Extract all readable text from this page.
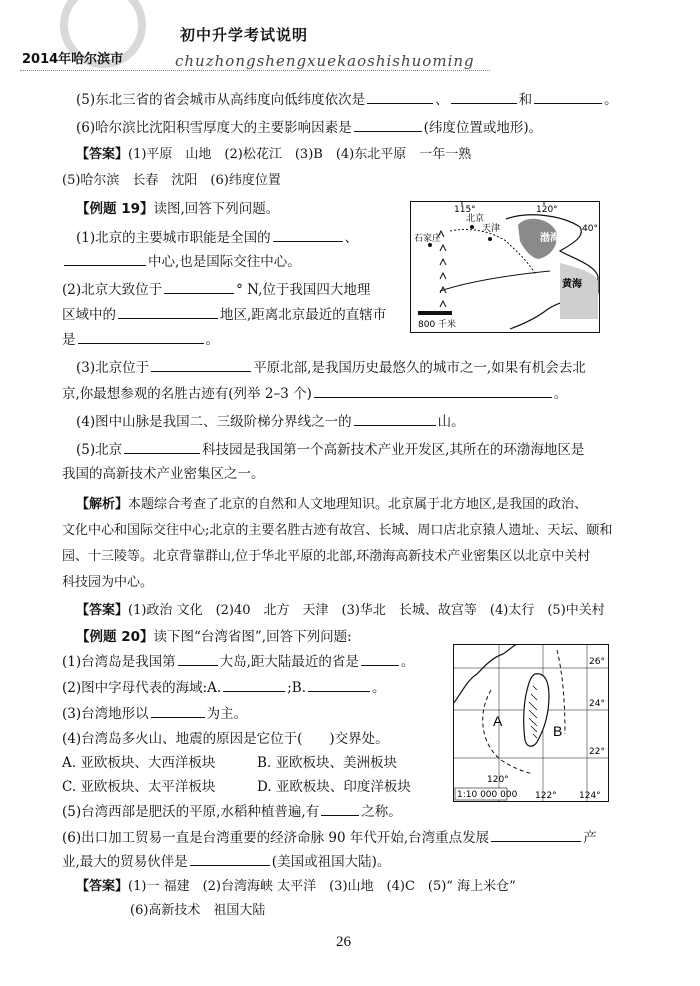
初中升学考试说明
2014年哈尔滨市	chuzhongshengxuekaoshishuoming
(5)东北三省的省会城市从高纬度向低纬度依次是	、	和	。
(6)哈尔滨比沈阳积雪厚度大的主要影响因素是	(纬度位置或地形)。
【答案】(1)平原　山地　(2)松花江　(3)B　(4)东北平原　一年一熟
(5)哈尔滨　长春　沈阳　(6)纬度位置
【例题 19】读图,回答下列问题。
(1)北京的主要城市职能是全国的	、
中心,也是国际交往中心。
(2)北京大致位于	° N,位于我国四大地理
区域中的	地区,距离北京最近的直辖市
是	。
115°	120°
40°
北京
天津
石家庄	渤海
黄海
800 千米
(3)北京位于	平原北部,是我国历史最悠久的城市之一,如果有机会去北
京,你最想参观的名胜古迹有(列举 2–3 个)	。
(4)图中山脉是我国二、三级阶梯分界线之一的	山。
(5)北京	科技园是我国第一个高新技术产业开发区,其所在的环渤海地区是
我国的高新技术产业密集区之一。
【解析】本题综合考查了北京的自然和人文地理知识。北京属于北方地区,是我国的政治、
文化中心和国际交往中心;北京的主要名胜古迹有故宫、长城、周口店北京猿人遗址、天坛、颐和
园、十三陵等。北京背靠群山,位于华北平原的北部,环渤海高新技术产业密集区以北京中关村
科技园为中心。
【答案】(1)政治 文化　(2)40　北方　天津　(3)华北　长城、故宫等　(4)太行　(5)中关村
【例题 20】读下图“台湾省图”,回答下列问题:
(1)台湾岛是我国第	大岛,距大陆最近的省是	。
(2)图中字母代表的海域:A.	;B.	。
(3)台湾地形以	为主。
(4)台湾岛多火山、地震的原因是它位于(　　)交界处。
A. 亚欧板块、大西洋板块	B. 亚欧板块、美洲板块
C. 亚欧板块、太平洋板块	D. 亚欧板块、印度洋板块
(5)台湾西部是肥沃的平原,水稻种植普遍,有	之称。
(6)出口加工贸易一直是台湾重要的经济命脉 90 年代开始,台湾重点发展	产
业,最大的贸易伙伴是	(美国或祖国大陆)。
【答案】(1)一 福建　(2)台湾海峡 太平洋　(3)山地　(4)C　(5)“ 海上米仓”
(6)高新技术　祖国大陆
26°
24°
22°
120°
122° 124°
A
B
1:10 000 000
26
